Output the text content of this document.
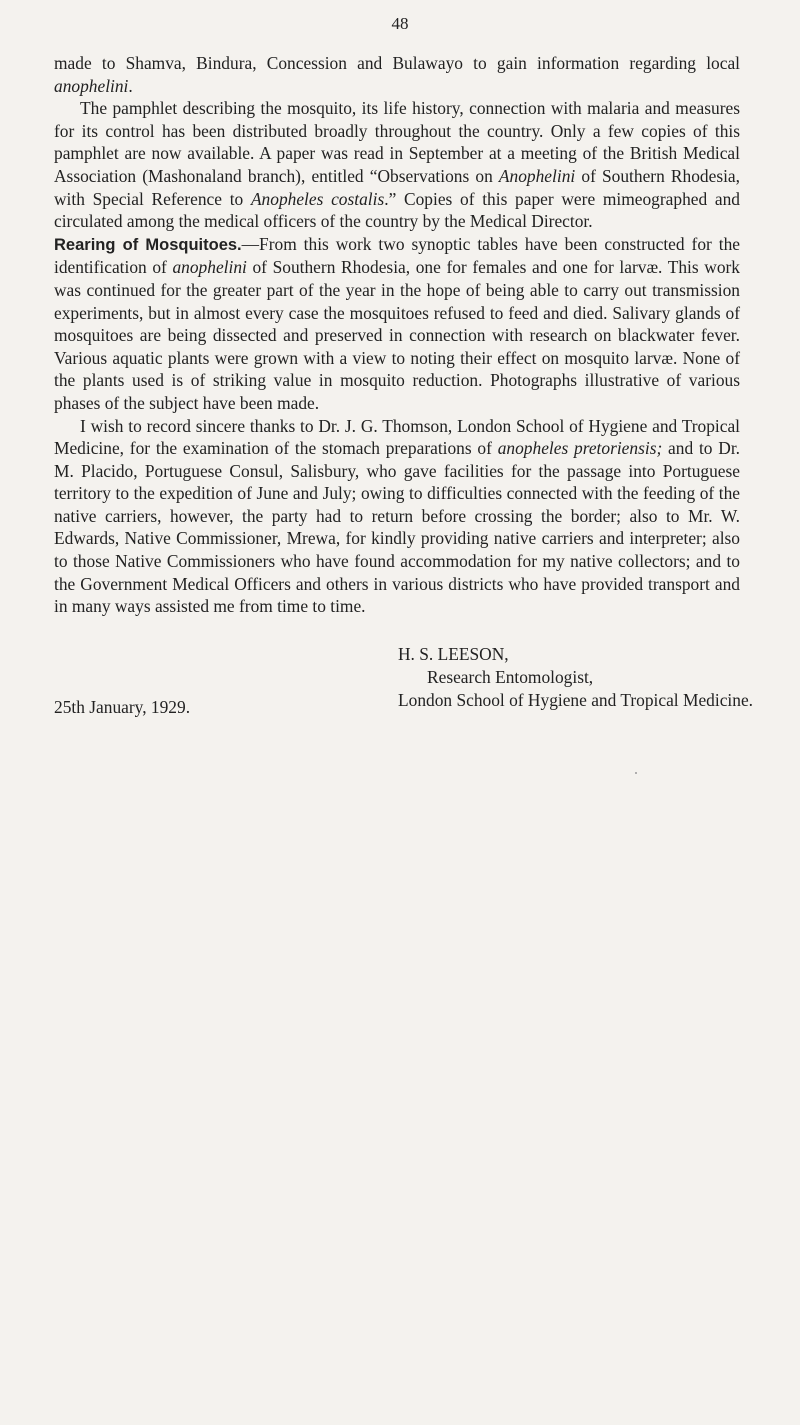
48

made to Shamva, Bindura, Concession and Bulawayo to gain information regarding local anophelini.

The pamphlet describing the mosquito, its life history, connection with malaria and measures for its control has been distributed broadly throughout the country. Only a few copies of this pamphlet are now available. A paper was read in September at a meeting of the British Medical Association (Mashonaland branch), entitled “Observations on Anophelini of Southern Rhodesia, with Special Reference to Anopheles costalis.” Copies of this paper were mimeographed and circulated among the medical officers of the country by the Medical Director.

Rearing of Mosquitoes.—From this work two synoptic tables have been constructed for the identification of anophelini of Southern Rhodesia, one for females and one for larvæ. This work was continued for the greater part of the year in the hope of being able to carry out transmission experiments, but in almost every case the mosquitoes refused to feed and died. Salivary glands of mosquitoes are being dissected and preserved in connection with research on blackwater fever. Various aquatic plants were grown with a view to noting their effect on mosquito larvæ. None of the plants used is of striking value in mosquito reduction. Photographs illustrative of various phases of the subject have been made.

I wish to record sincere thanks to Dr. J. G. Thomson, London School of Hygiene and Tropical Medicine, for the examination of the stomach preparations of anopheles pretoriensis; and to Dr. M. Placido, Portuguese Consul, Salisbury, who gave facilities for the passage into Portuguese territory to the expedition of June and July; owing to difficulties connected with the feeding of the native carriers, however, the party had to return before crossing the border; also to Mr. W. Edwards, Native Commissioner, Mrewa, for kindly providing native carriers and interpreter; also to those Native Commissioners who have found accommodation for my native collectors; and to the Government Medical Officers and others in various districts who have provided transport and in many ways assisted me from time to time.

H. S. LEESON,
Research Entomologist,
London School of Hygiene and Tropical Medicine.
25th January, 1929.
